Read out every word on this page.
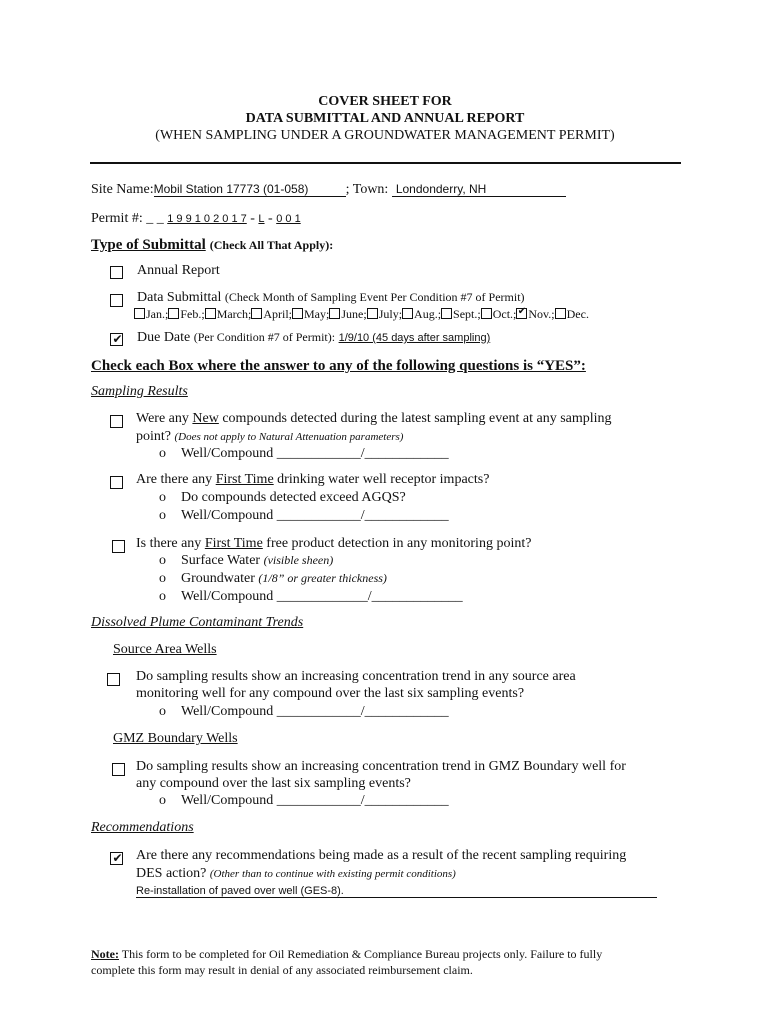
COVER SHEET FOR
DATA SUBMITTAL AND ANNUAL REPORT
(WHEN SAMPLING UNDER A GROUNDWATER MANAGEMENT PERMIT)
Site Name:Mobil Station 17773 (01-058)	; Town: Londonderry, NH
Permit #: _ _ 1 9 9 1 0 2 0 1 7 - L - 0 0 1
Type of Submittal (Check All That Apply):
Annual Report
Data Submittal (Check Month of Sampling Event Per Condition #7 of Permit)
Jan.; Feb.; March; April; May; June; July; Aug.; Sept.; Oct.; ✔ Nov.; Dec.
✔ Due Date (Per Condition #7 of Permit): 1/9/10 (45 days after sampling)
Check each Box where the answer to any of the following questions is “YES”:
Sampling Results
Were any New compounds detected during the latest sampling event at any sampling
point? (Does not apply to Natural Attenuation parameters)
o Well/Compound ____________/____________
Are there any First Time drinking water well receptor impacts?
o Do compounds detected exceed AGQS?
o Well/Compound ____________/____________
Is there any First Time free product detection in any monitoring point?
o Surface Water (visible sheen)
o Groundwater (1/8” or greater thickness)
o Well/Compound _____________/_____________
Dissolved Plume Contaminant Trends
Source Area Wells
Do sampling results show an increasing concentration trend in any source area
monitoring well for any compound over the last six sampling events?
o Well/Compound ____________/____________
GMZ Boundary Wells
Do sampling results show an increasing concentration trend in GMZ Boundary well for
any compound over the last six sampling events?
o Well/Compound ____________/____________
Recommendations
✔ Are there any recommendations being made as a result of the recent sampling requiring
DES action? (Other than to continue with existing permit conditions)
Re-installation of paved over well (GES-8).
Note: This form to be completed for Oil Remediation & Compliance Bureau projects only. Failure to fully
complete this form may result in denial of any associated reimbursement claim.
